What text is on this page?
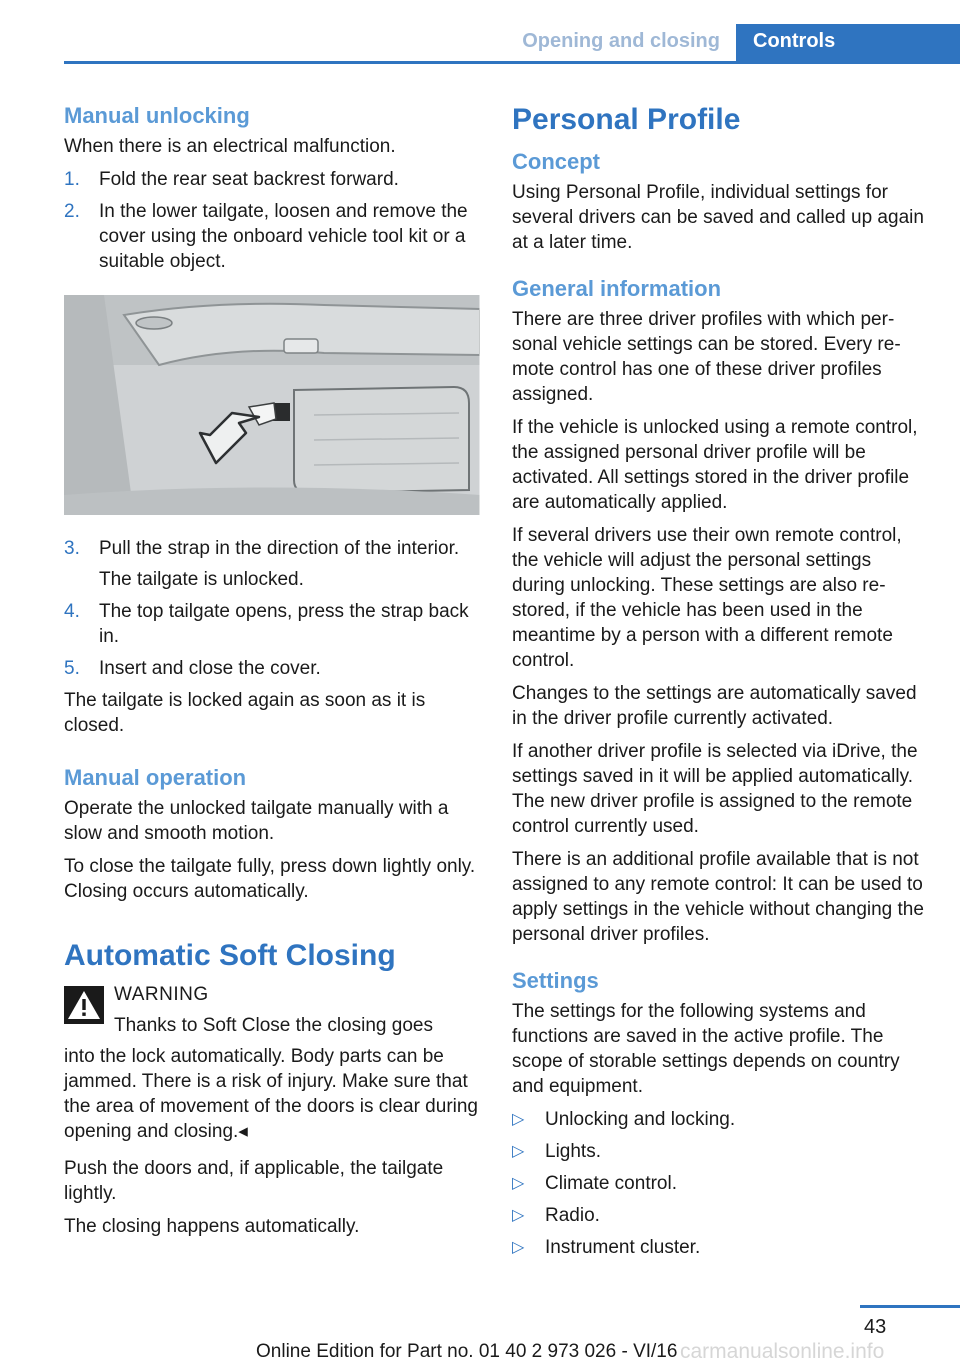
Opening and closing Controls
Manual unlocking

When there is an electrical malfunction.

1. Fold the rear seat backrest forward.
2. In the lower tailgate, loosen and remove the cover using the onboard vehicle tool kit or a suitable object.
3. Pull the strap in the direction of the interior.
The tailgate is unlocked.
4. The top tailgate opens, press the strap back in.
5. Insert and close the cover.

The tailgate is locked again as soon as it is closed.

Manual operation

Operate the unlocked tailgate manually with a slow and smooth motion.

To close the tailgate fully, press down lightly only. Closing occurs automatically.

Automatic Soft Closing
WARNING
Thanks to Soft Close the closing goes
into the lock automatically. Body parts can be jammed. There is a risk of injury. Make sure that the area of movement of the doors is clear during opening and closing.◂

Push the doors and, if applicable, the tailgate lightly.

The closing happens automatically.

Personal Profile
Concept

Using Personal Profile, individual settings for several drivers can be saved and called up again at a later time.

General information

There are three driver profiles with which personal vehicle settings can be stored. Every remote control has one of these driver profiles assigned.

If the vehicle is unlocked using a remote control, the assigned personal driver profile will be activated. All settings stored in the driver profile are automatically applied.

If several drivers use their own remote control, the vehicle will adjust the personal settings during unlocking. These settings are also restored, if the vehicle has been used in the meantime by a person with a different remote control.

Changes to the settings are automatically saved in the driver profile currently activated.

If another driver profile is selected via iDrive, the settings saved in it will be applied automatically. The new driver profile is assigned to the remote control currently used.

There is an additional profile available that is not assigned to any remote control: It can be used to apply settings in the vehicle without changing the personal driver profiles.

Settings

The settings for the following systems and functions are saved in the active profile. The scope of storable settings depends on country and equipment.

▷ Unlocking and locking.
▷ Lights.
▷ Climate control.
▷ Radio.
▷ Instrument cluster.
43
carmanualsonline.info
Online Edition for Part no. 01 40 2 973 026 - VI/16
